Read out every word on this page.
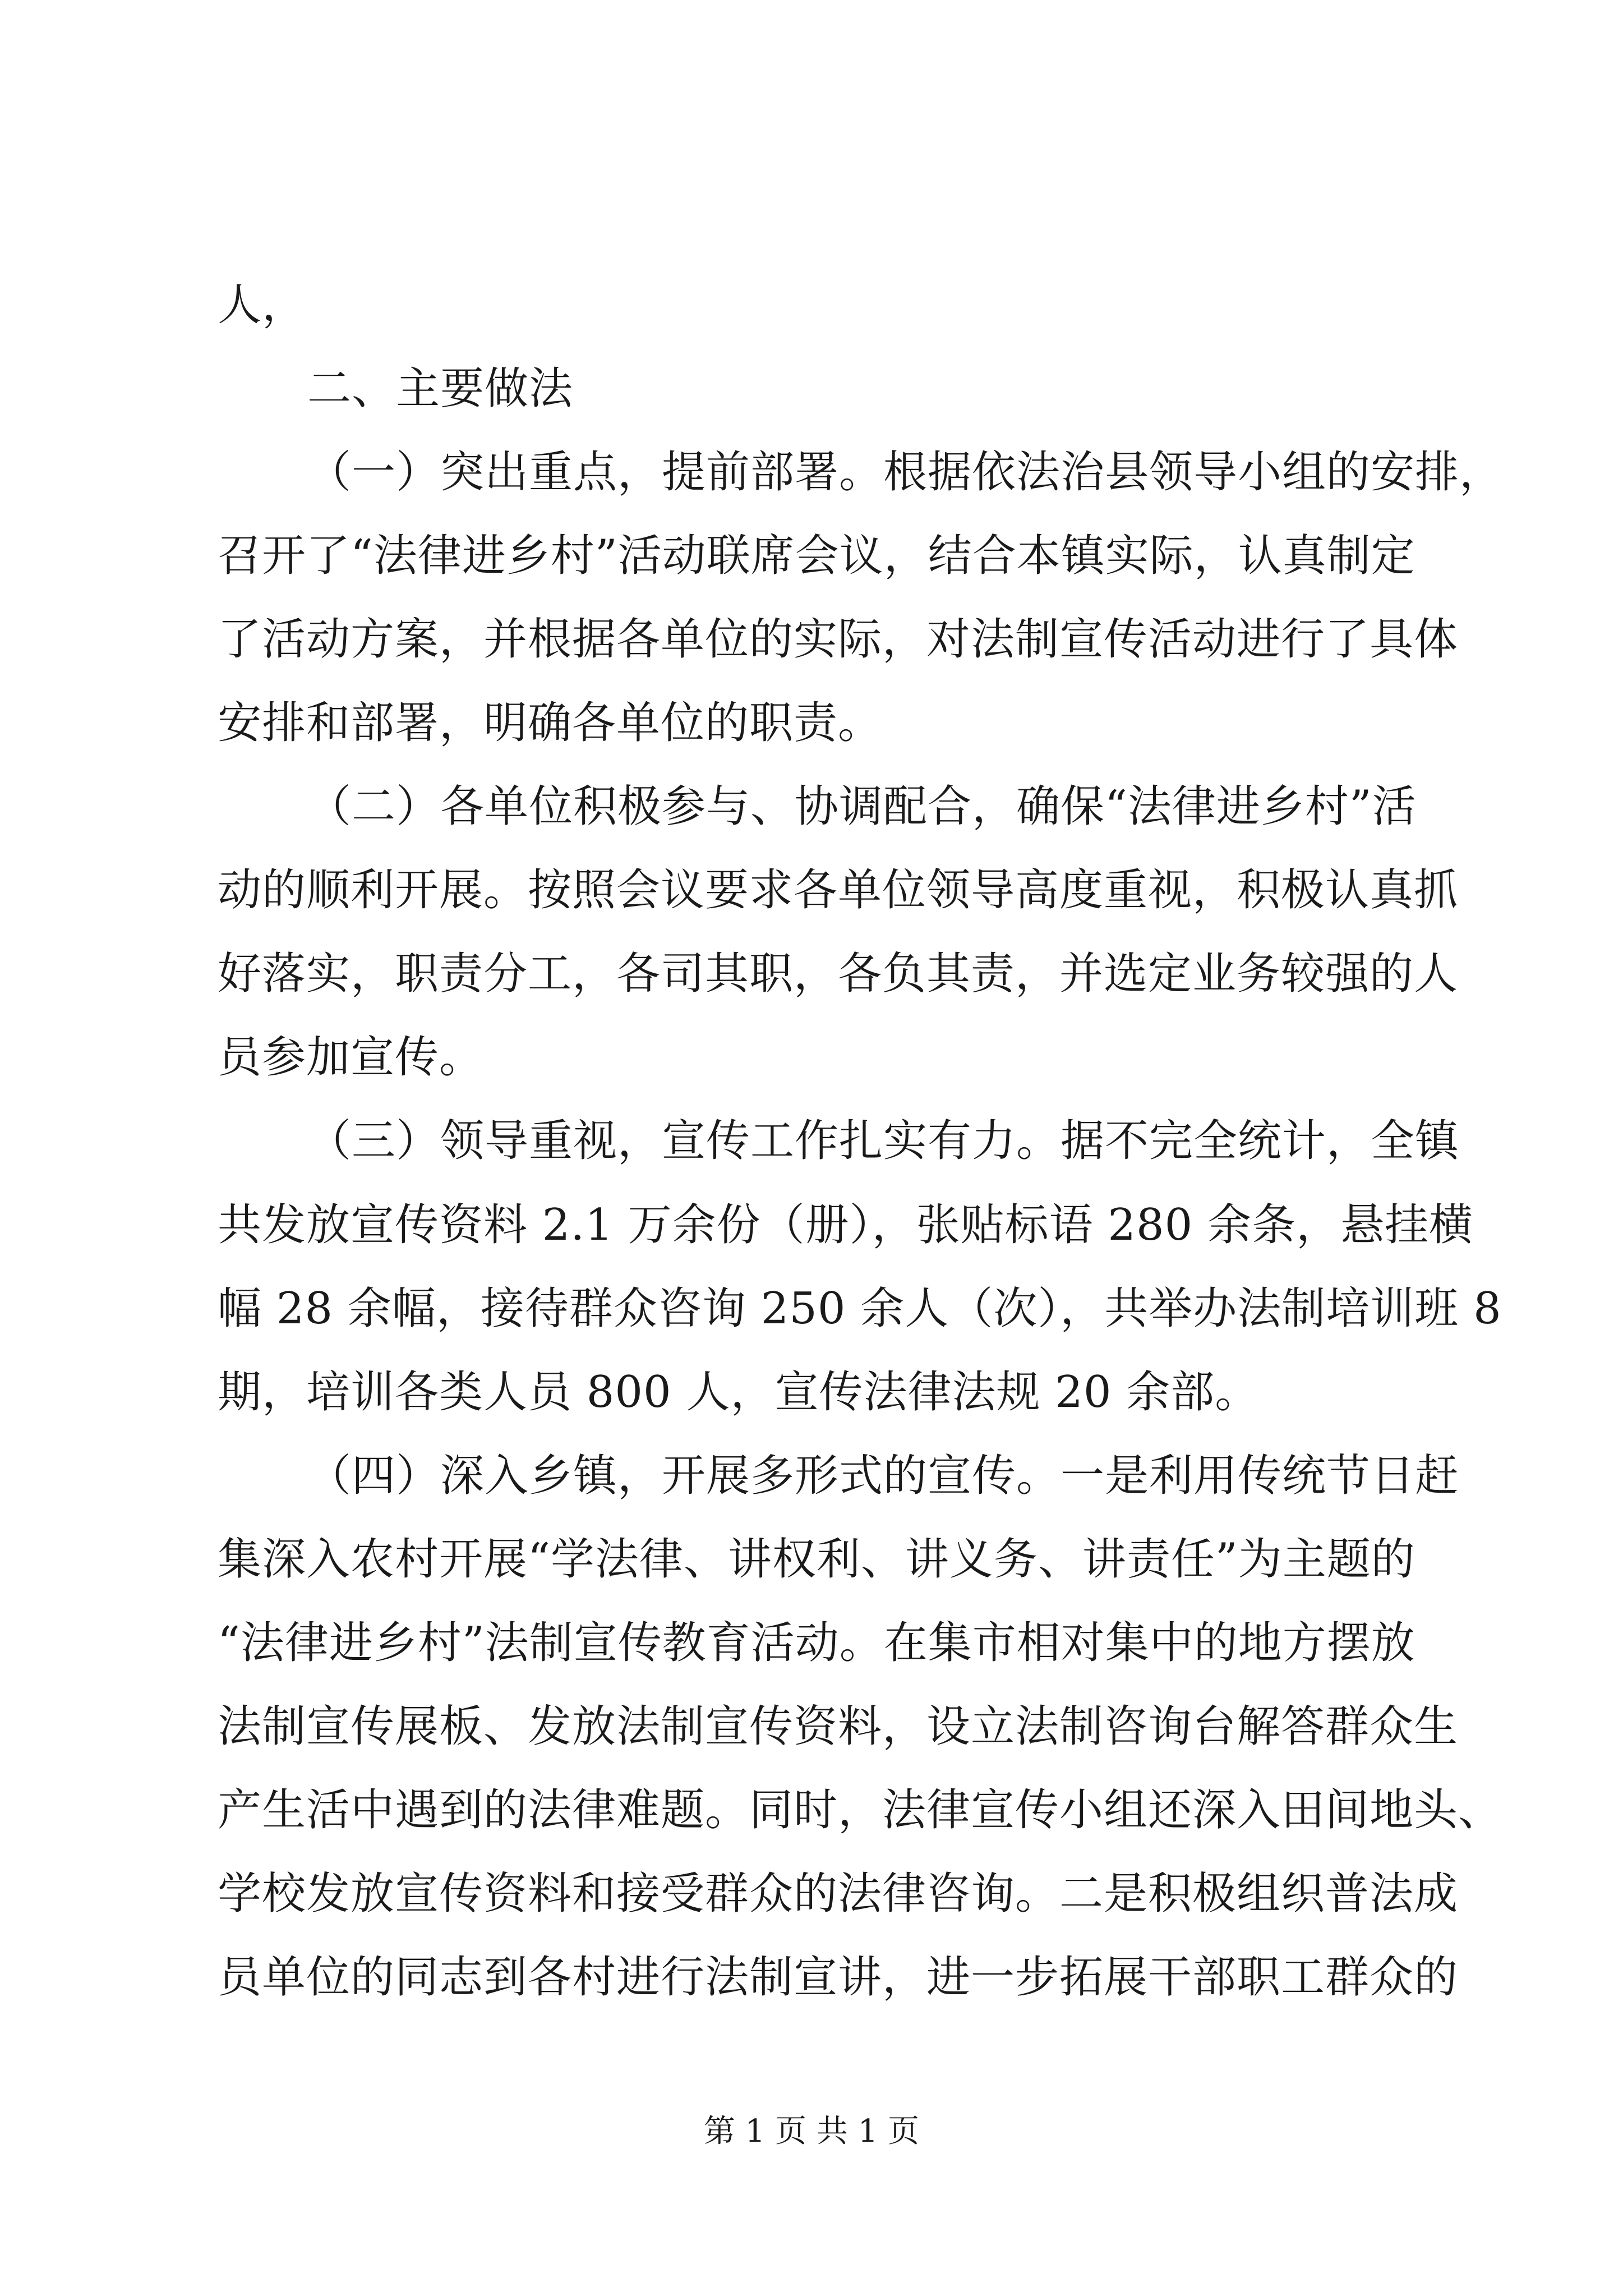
人，
二、主要做法
（一）突出重点，提前部署。根据依法治县领导小组的安排，
召开了“法律进乡村”活动联席会议，结合本镇实际，认真制定
了活动方案，并根据各单位的实际，对法制宣传活动进行了具体
安排和部署，明确各单位的职责。
（二）各单位积极参与、协调配合，确保“法律进乡村”活
动的顺利开展。按照会议要求各单位领导高度重视，积极认真抓
好落实，职责分工，各司其职，各负其责，并选定业务较强的人
员参加宣传。
（三）领导重视，宣传工作扎实有力。据不完全统计，全镇
共发放宣传资料 2.1 万余份（册），张贴标语 280 余条，悬挂横
幅 28 余幅，接待群众咨询 250 余人（次），共举办法制培训班 8
期，培训各类人员 800 人，宣传法律法规 20 余部。
（四）深入乡镇，开展多形式的宣传。一是利用传统节日赶
集深入农村开展“学法律、讲权利、讲义务、讲责任”为主题的
“法律进乡村”法制宣传教育活动。在集市相对集中的地方摆放
法制宣传展板、发放法制宣传资料，设立法制咨询台解答群众生
产生活中遇到的法律难题。同时，法律宣传小组还深入田间地头、
学校发放宣传资料和接受群众的法律咨询。二是积极组织普法成
员单位的同志到各村进行法制宣讲，进一步拓展干部职工群众的
第 1 页 共 1 页
